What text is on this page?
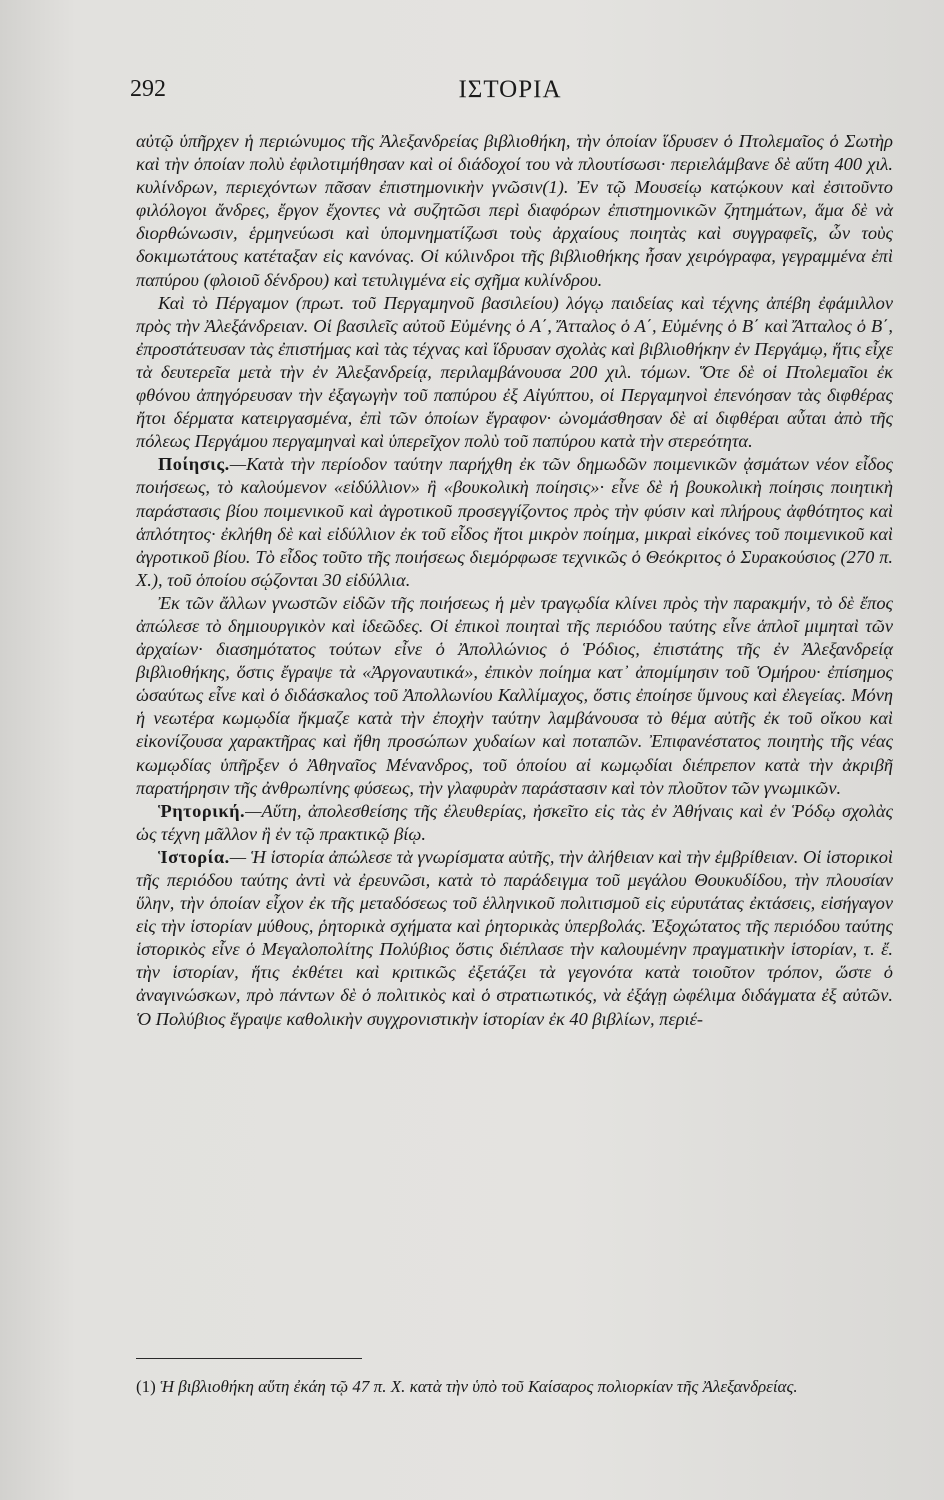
292	ΙΣΤΟΡΙΑ

αὐτῷ ὑπῆρχεν ἡ περιώνυμος τῆς Ἀλεξανδρείας βιβλιοθήκη, τὴν ὁποίαν ἵδρυσεν ὁ Πτολεμαῖος ὁ Σωτὴρ καὶ τὴν ὁποίαν πολὺ ἐφιλοτιμήθησαν καὶ οἱ διάδοχοί του νὰ πλουτίσωσι· περιελάμβανε δὲ αὕτη 400 χιλ. κυλίνδρων, περιεχόντων πᾶσαν ἐπιστημονικὴν γνῶσιν(1). Ἐν τῷ Μουσείῳ κατῴκουν καὶ ἐσιτοῦντο φιλόλογοι ἄνδρες, ἔργον ἔχοντες νὰ συζητῶσι περὶ διαφόρων ἐπιστημονικῶν ζητημάτων, ἅμα δὲ νὰ διορθώνωσιν, ἑρμηνεύωσι καὶ ὑπομνηματίζωσι τοὺς ἀρχαίους ποιητὰς καὶ συγγραφεῖς, ὧν τοὺς δοκιμωτάτους κατέταξαν εἰς κανόνας. Οἱ κύλινδροι τῆς βιβλιοθήκης ἦσαν χειρόγραφα, γεγραμμένα ἐπὶ παπύρου (φλοιοῦ δένδρου) καὶ τετυλιγμένα εἰς σχῆμα κυλίνδρου.

Καὶ τὸ Πέργαμον (πρωτ. τοῦ Περγαμηνοῦ βασιλείου) λόγῳ παιδείας καὶ τέχνης ἀπέβη ἐφάμιλλον πρὸς τὴν Ἀλεξάνδρειαν. Οἱ βασιλεῖς αὐτοῦ Εὐμένης ὁ Α΄, Ἄτταλος ὁ Α΄, Εὐμένης ὁ Β΄ καὶ Ἄτταλος ὁ Β΄, ἐπροστάτευσαν τὰς ἐπιστήμας καὶ τὰς τέχνας καὶ ἵδρυσαν σχολὰς καὶ βιβλιοθήκην ἐν Περγάμῳ, ἥτις εἶχε τὰ δευτερεῖα μετὰ τὴν ἐν Ἀλεξανδρείᾳ, περιλαμβάνουσα 200 χιλ. τόμων. Ὅτε δὲ οἱ Πτολεμαῖοι ἐκ φθόνου ἀπηγόρευσαν τὴν ἐξαγωγὴν τοῦ παπύρου ἐξ Αἰγύπτου, οἱ Περγαμηνοὶ ἐπενόησαν τὰς διφθέρας ἤτοι δέρματα κατειργασμένα, ἐπὶ τῶν ὁποίων ἔγραφον· ὠνομάσθησαν δὲ αἱ διφθέραι αὗται ἀπὸ τῆς πόλεως Περγάμου περγαμηναὶ καὶ ὑπερεῖχον πολὺ τοῦ παπύρου κατὰ τὴν στερεότητα.

Ποίησις.—Κατὰ τὴν περίοδον ταύτην παρήχθη ἐκ τῶν δημωδῶν ποιμενικῶν ᾀσμάτων νέον εἶδος ποιήσεως, τὸ καλούμενον «εἰδύλλιον» ἢ «βουκολικὴ ποίησις»· εἶνε δὲ ἡ βουκολικὴ ποίησις ποιητικὴ παράστασις βίου ποιμενικοῦ καὶ ἀγροτικοῦ προσεγγίζοντος πρὸς τὴν φύσιν καὶ πλήρους ἀφθότητος καὶ ἁπλότητος· ἐκλήθη δὲ καὶ εἰδύλλιον ἐκ τοῦ εἶδος ἤτοι μικρὸν ποίημα, μικραὶ εἰκόνες τοῦ ποιμενικοῦ καὶ ἀγροτικοῦ βίου. Τὸ εἶδος τοῦτο τῆς ποιήσεως διεμόρφωσε τεχνικῶς ὁ Θεόκριτος ὁ Συρακούσιος (270 π. Χ.), τοῦ ὁποίου σῴζονται 30 εἰδύλλια.

Ἐκ τῶν ἄλλων γνωστῶν εἰδῶν τῆς ποιήσεως ἡ μὲν τραγῳδία κλίνει πρὸς τὴν παρακμήν, τὸ δὲ ἔπος ἀπώλεσε τὸ δημιουργικὸν καὶ ἰδεῶδες. Οἱ ἐπικοὶ ποιηταὶ τῆς περιόδου ταύτης εἶνε ἁπλοῖ μιμηταὶ τῶν ἀρχαίων· διασημότατος τούτων εἶνε ὁ Ἀπολλώνιος ὁ Ῥόδιος, ἐπιστάτης τῆς ἐν Ἀλεξανδρείᾳ βιβλιοθήκης, ὅστις ἔγραψε τὰ «Ἀργοναυτικά», ἐπικὸν ποίημα κατ᾽ ἀπομίμησιν τοῦ Ὁμήρου· ἐπίσημος ὡσαύτως εἶνε καὶ ὁ διδάσκαλος τοῦ Ἀπολλωνίου Καλλίμαχος, ὅστις ἐποίησε ὕμνους καὶ ἐλεγείας. Μόνη ἡ νεωτέρα κωμῳδία ἤκμαζε κατὰ τὴν ἐποχὴν ταύτην λαμβάνουσα τὸ θέμα αὐτῆς ἐκ τοῦ οἴκου καὶ εἰκονίζουσα χαρακτῆρας καὶ ἤθη προσώπων χυδαίων καὶ ποταπῶν. Ἐπιφανέστατος ποιητὴς τῆς νέας κωμῳδίας ὑπῆρξεν ὁ Ἀθηναῖος Μένανδρος, τοῦ ὁποίου αἱ κωμῳδίαι διέπρεπον κατὰ τὴν ἀκριβῆ παρατήρησιν τῆς ἀνθρωπίνης φύσεως, τὴν γλαφυρὰν παράστασιν καὶ τὸν πλοῦτον τῶν γνωμικῶν.

Ῥητορική.—Αὕτη, ἀπολεσθείσης τῆς ἐλευθερίας, ἠσκεῖτο εἰς τὰς ἐν Ἀθήναις καὶ ἐν Ῥόδῳ σχολὰς ὡς τέχνη μᾶλλον ἢ ἐν τῷ πρακτικῷ βίῳ.

Ἱστορία.— Ἡ ἱστορία ἀπώλεσε τὰ γνωρίσματα αὐτῆς, τὴν ἀλήθειαν καὶ τὴν ἐμβρίθειαν. Οἱ ἱστορικοὶ τῆς περιόδου ταύτης ἀντὶ νὰ ἐρευνῶσι, κατὰ τὸ παράδειγμα τοῦ μεγάλου Θουκυδίδου, τὴν πλουσίαν ὕλην, τὴν ὁποίαν εἶχον ἐκ τῆς μεταδόσεως τοῦ ἑλληνικοῦ πολιτισμοῦ εἰς εὐρυτάτας ἐκτάσεις, εἰσήγαγον εἰς τὴν ἱστορίαν μύθους, ῥητορικὰ σχήματα καὶ ῥητορικὰς ὑπερβολάς. Ἐξοχώτατος τῆς περιόδου ταύτης ἱστορικὸς εἶνε ὁ Μεγαλοπολίτης Πολύβιος ὅστις διέπλασε τὴν καλουμένην πραγματικὴν ἱστορίαν, τ. ἔ. τὴν ἱστορίαν, ἥτις ἐκθέτει καὶ κριτικῶς ἐξετάζει τὰ γεγονότα κατὰ τοιοῦτον τρόπον, ὥστε ὁ ἀναγινώσκων, πρὸ πάντων δὲ ὁ πολιτικὸς καὶ ὁ στρατιωτικός, νὰ ἐξάγῃ ὠφέλιμα διδάγματα ἐξ αὐτῶν. Ὁ Πολύβιος ἔγραψε καθολικὴν συγχρονιστικὴν ἱστορίαν ἐκ 40 βιβλίων, περιέ-

(1) Ἡ βιβλιοθήκη αὕτη ἐκάη τῷ 47 π. Χ. κατὰ τὴν ὑπὸ τοῦ Καίσαρος πολιορκίαν τῆς Ἀλεξανδρείας.
